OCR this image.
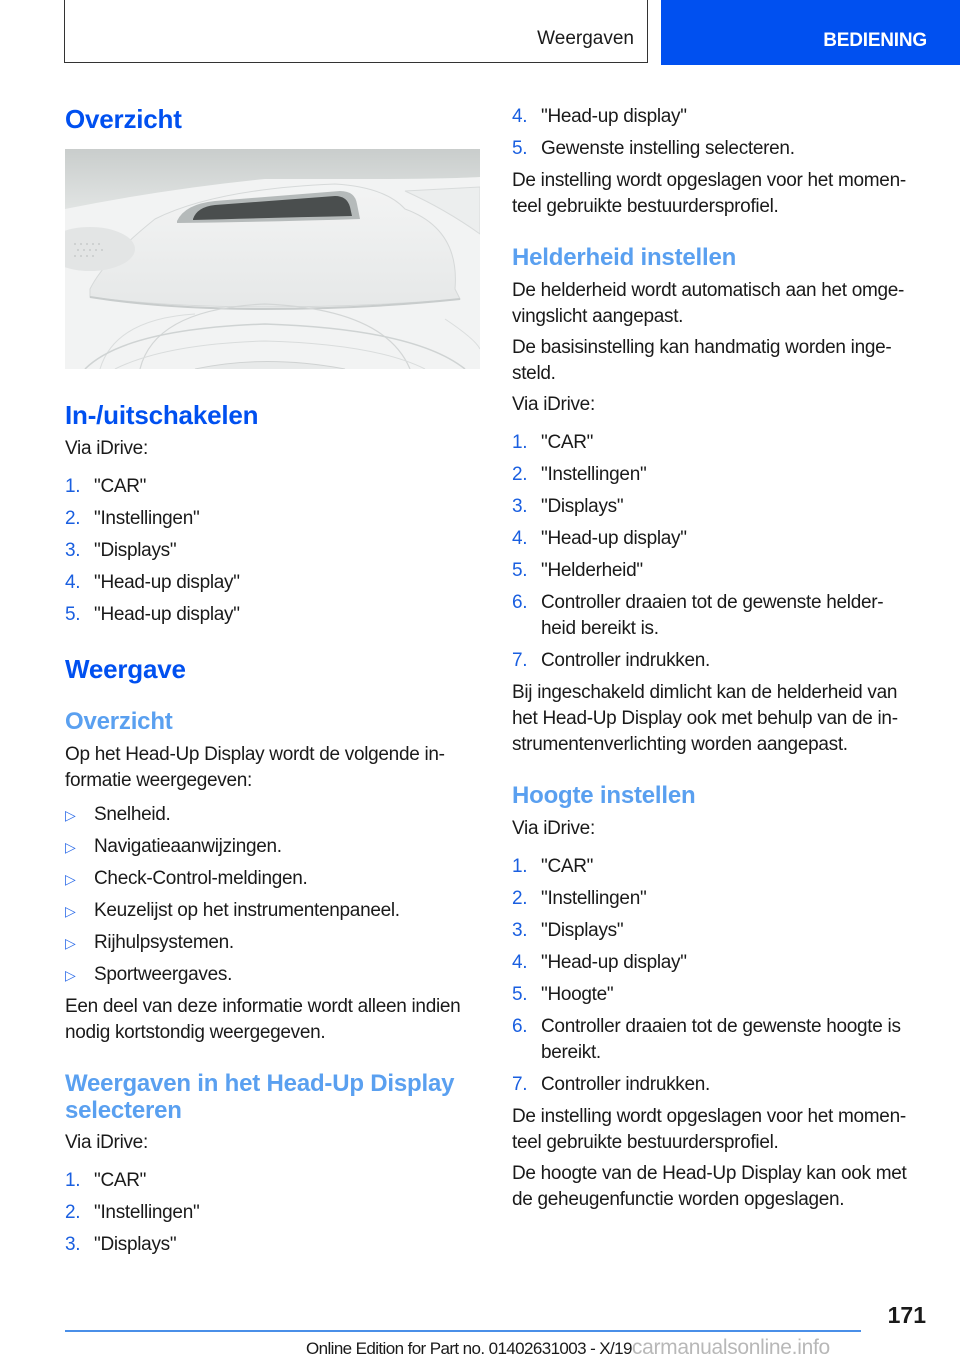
Weergaven	BEDIENING
Overzicht
In-/uitschakelen
Via iDrive:
1. "CAR"
2. "Instellingen"
3. "Displays"
4. "Head-up display"
5. "Head-up display"
Weergave
Overzicht
Op het Head-Up Display wordt de volgende in-
formatie weergegeven:
▷ Snelheid.
▷ Navigatieaanwijzingen.
▷ Check-Control-meldingen.
▷ Keuzelijst op het instrumentenpaneel.
▷ Rijhulpsystemen.
▷ Sportweergaves.
Een deel van deze informatie wordt alleen indien
nodig kortstondig weergegeven.
Weergaven in het Head-Up Display
selecteren
Via iDrive:
1. "CAR"
2. "Instellingen"
3. "Displays"
4. "Head-up display"
5. Gewenste instelling selecteren.
De instelling wordt opgeslagen voor het momen-
teel gebruikte bestuurdersprofiel.
Helderheid instellen
De helderheid wordt automatisch aan het omge-
vingslicht aangepast.
De basisinstelling kan handmatig worden inge-
steld.
Via iDrive:
1. "CAR"
2. "Instellingen"
3. "Displays"
4. "Head-up display"
5. "Helderheid"
6. Controller draaien tot de gewenste helder-
heid bereikt is.
7. Controller indrukken.
Bij ingeschakeld dimlicht kan de helderheid van
het Head-Up Display ook met behulp van de in-
strumentenverlichting worden aangepast.
Hoogte instellen
Via iDrive:
1. "CAR"
2. "Instellingen"
3. "Displays"
4. "Head-up display"
5. "Hoogte"
6. Controller draaien tot de gewenste hoogte is
bereikt.
7. Controller indrukken.
De instelling wordt opgeslagen voor het momen-
teel gebruikte bestuurdersprofiel.
De hoogte van de Head-Up Display kan ook met
de geheugenfunctie worden opgeslagen.
171
Online Edition for Part no. 01402631003 - X/19carmanualsonline.info
